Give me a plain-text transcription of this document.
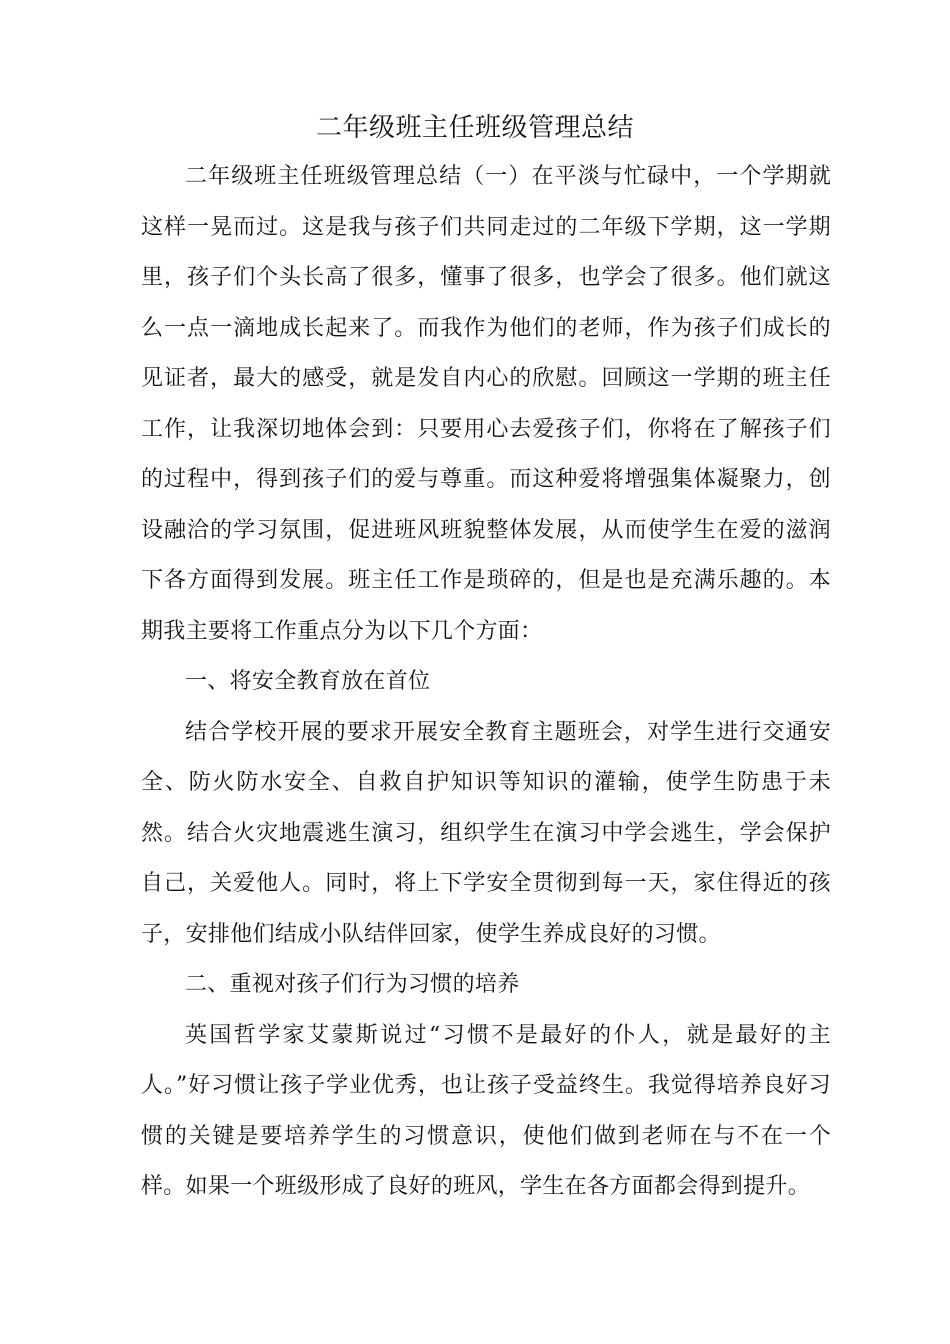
二年级班主任班级管理总结

二年级班主任班级管理总结（一）在平淡与忙碌中，一个学期就这样一晃而过。这是我与孩子们共同走过的二年级下学期，这一学期里，孩子们个头长高了很多，懂事了很多，也学会了很多。他们就这么一点一滴地成长起来了。而我作为他们的老师，作为孩子们成长的见证者，最大的感受，就是发自内心的欣慰。回顾这一学期的班主任工作，让我深切地体会到：只要用心去爱孩子们，你将在了解孩子们的过程中，得到孩子们的爱与尊重。而这种爱将增强集体凝聚力，创设融洽的学习氛围，促进班风班貌整体发展，从而使学生在爱的滋润下各方面得到发展。班主任工作是琐碎的，但是也是充满乐趣的。本期我主要将工作重点分为以下几个方面：

一、将安全教育放在首位

结合学校开展的要求开展安全教育主题班会，对学生进行交通安全、防火防水安全、自救自护知识等知识的灌输，使学生防患于未然。结合火灾地震逃生演习，组织学生在演习中学会逃生，学会保护自己，关爱他人。同时，将上下学安全贯彻到每一天，家住得近的孩子，安排他们结成小队结伴回家，使学生养成良好的习惯。

二、重视对孩子们行为习惯的培养

英国哲学家艾蒙斯说过“习惯不是最好的仆人，就是最好的主人。”好习惯让孩子学业优秀，也让孩子受益终生。我觉得培养良好习惯的关键是要培养学生的习惯意识，使他们做到老师在与不在一个样。如果一个班级形成了良好的班风，学生在各方面都会得到提升。
